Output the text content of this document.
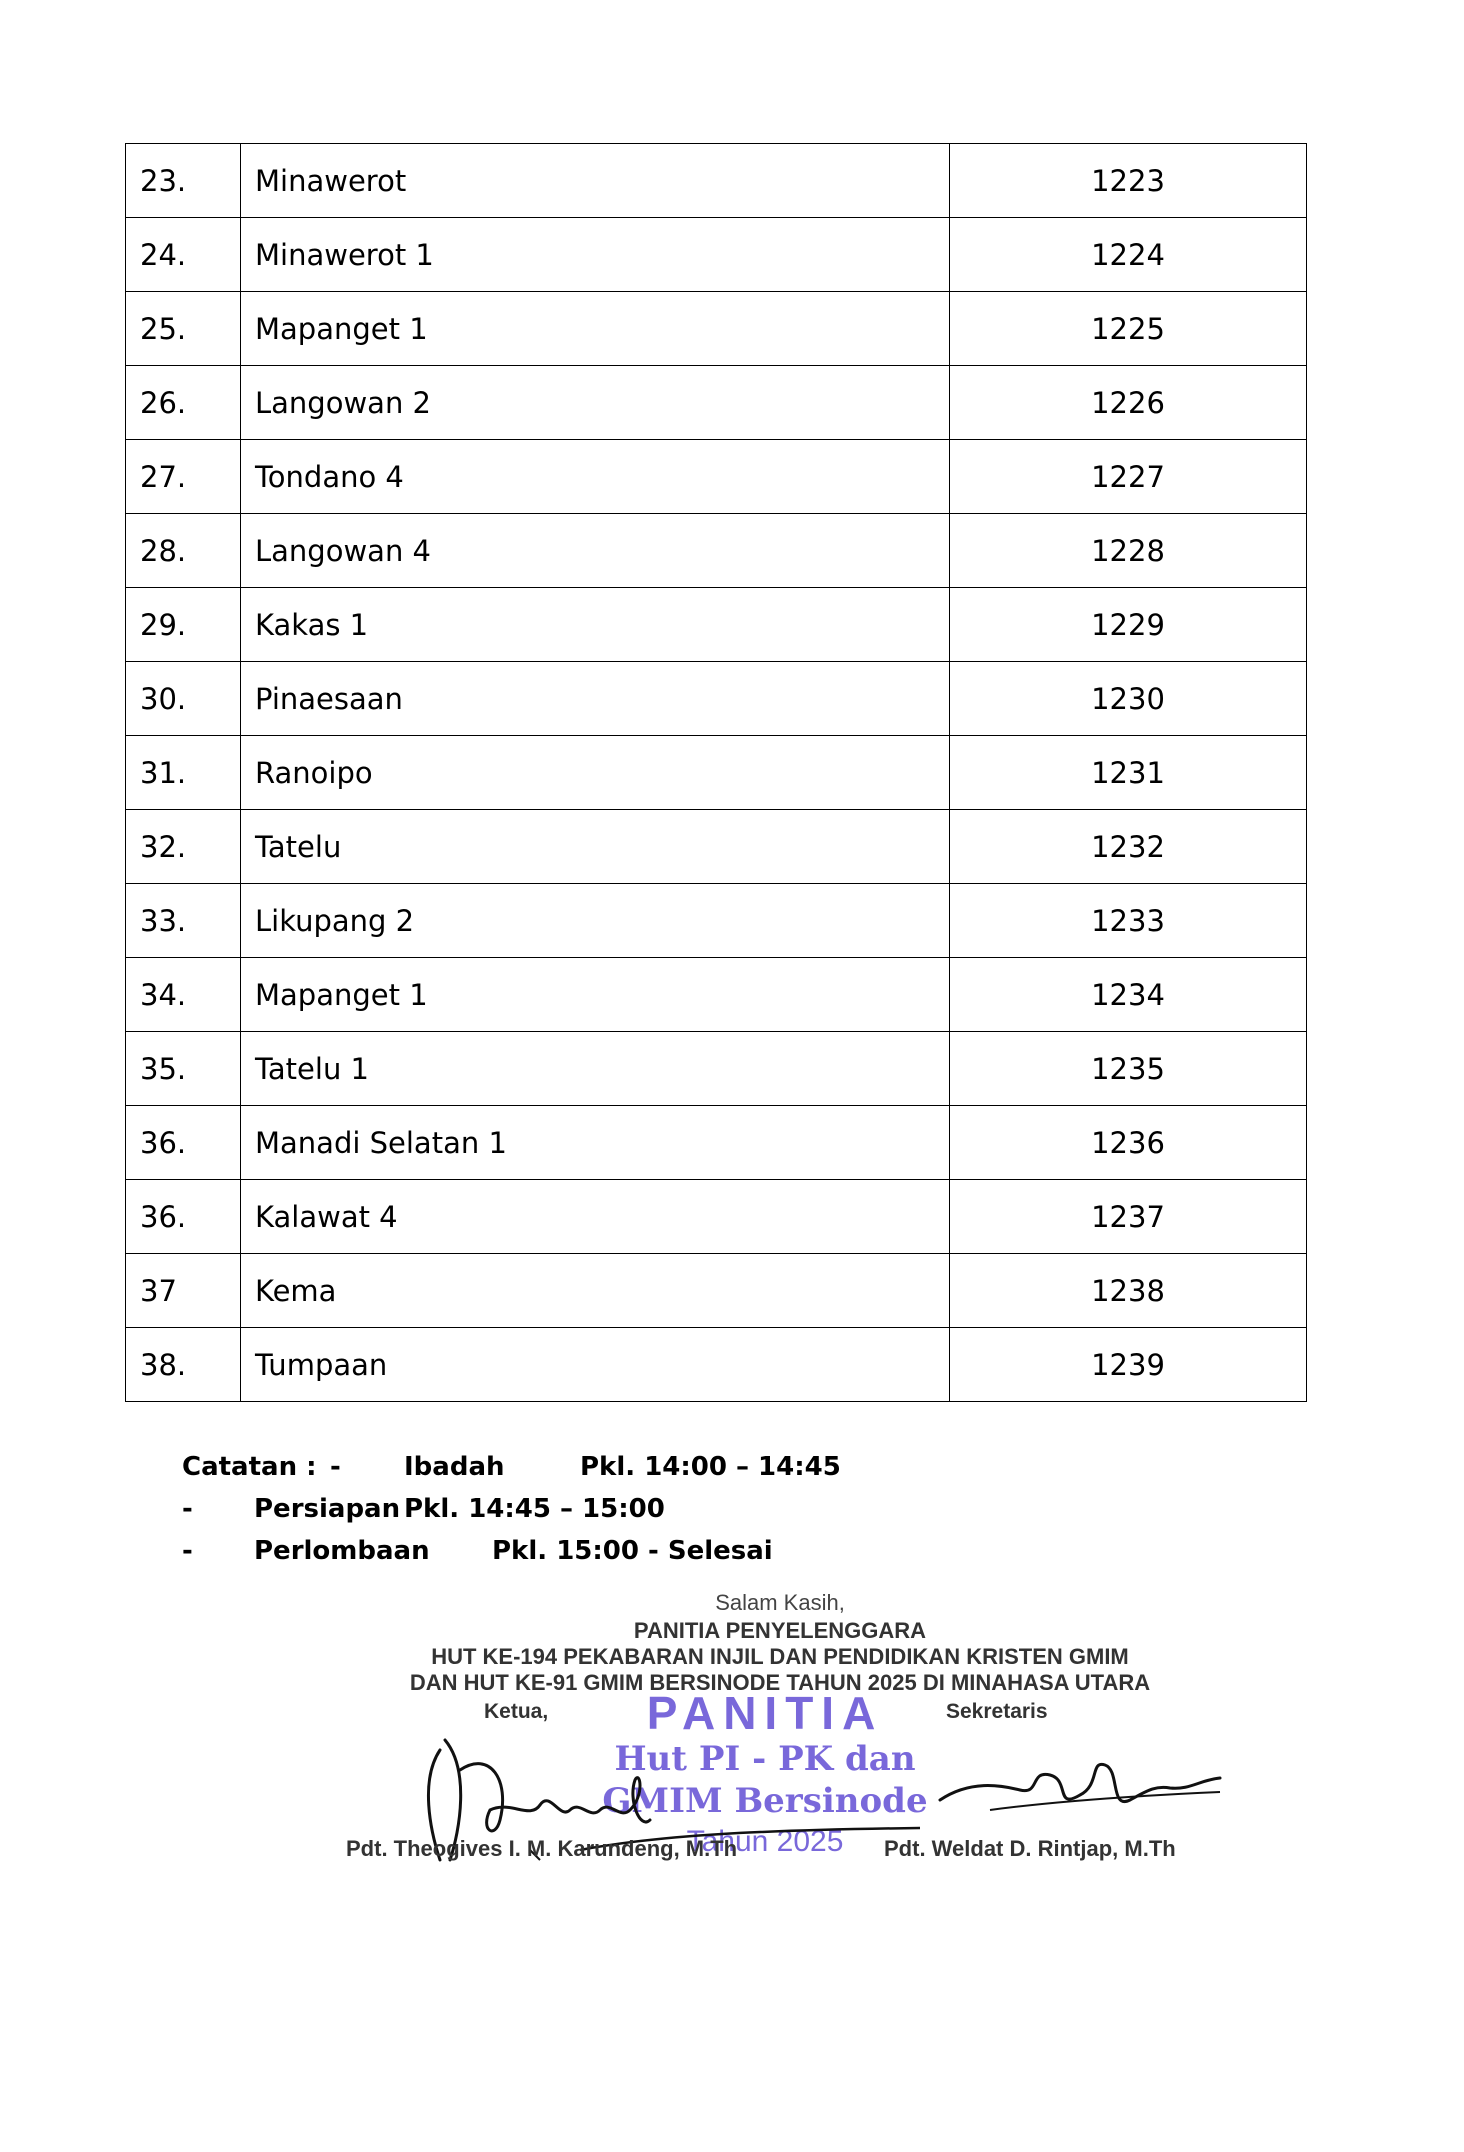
23.	Minawerot	1223
24.	Minawerot 1	1224
25.	Mapanget 1	1225
26.	Langowan 2	1226
27.	Tondano 4	1227
28.	Langowan 4	1228
29.	Kakas 1	1229
30.	Pinaesaan	1230
31.	Ranoipo	1231
32.	Tatelu	1232
33.	Likupang 2	1233
34.	Mapanget 1	1234
35.	Tatelu 1	1235
36.	Manadi Selatan 1	1236
36.	Kalawat 4	1237
37	Kema	1238
38.	Tumpaan	1239
Catatan : - Ibadah	Pkl. 14:00 – 14:45
- Persiapan Pkl. 14:45 – 15:00
- Perlombaan Pkl. 15:00 - Selesai
Salam Kasih,
PANITIA PENYELENGGARA
HUT KE-194 PEKABARAN INJIL DAN PENDIDIKAN KRISTEN GMIM
DAN HUT KE-91 GMIM BERSINODE TAHUN 2025 DI MINAHASA UTARA
Ketua,	Sekretaris
PANITIA
Hut PI - PK dan
GMIM Bersinode
Tahun 2025
Pdt. Theogives I. M. Karundeng, M.Th	Pdt. Weldat D. Rintjap, M.Th
